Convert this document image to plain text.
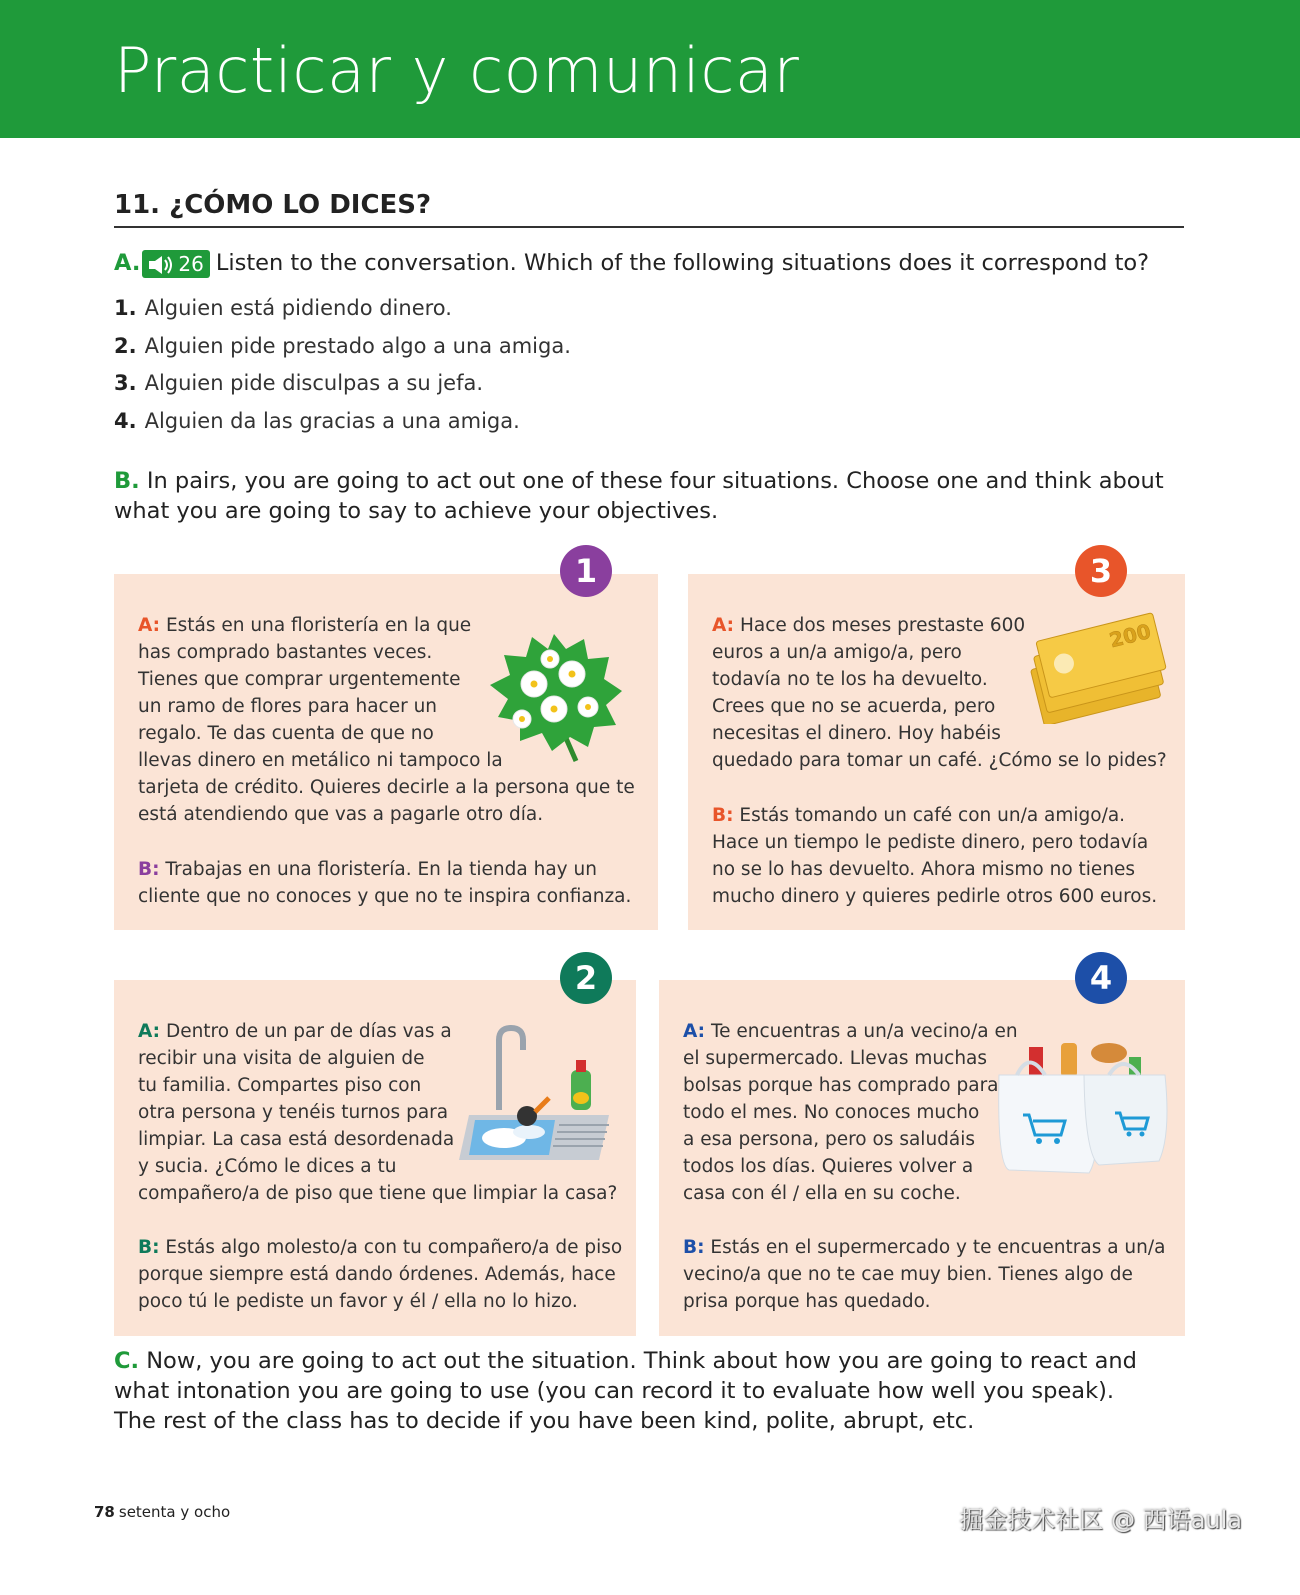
Practicar y comunicar
11. ¿CÓMO LO DICES?
A. 26 Listen to the conversation. Which of the following situations does it correspond to?
1. Alguien está pidiendo dinero.
2. Alguien pide prestado algo a una amiga.
3. Alguien pide disculpas a su jefa.
4. Alguien da las gracias a una amiga.
B. In pairs, you are going to act out one of these four situations. Choose one and think about what you are going to say to achieve your objectives.
A: Estás en una floristería en la que
has comprado bastantes veces.
Tienes que comprar urgentemente
un ramo de flores para hacer un
regalo. Te das cuenta de que no
llevas dinero en metálico ni tampoco la
tarjeta de crédito. Quieres decirle a la persona que te
está atendiendo que vas a pagarle otro día.
B: Trabajas en una floristería. En la tienda hay un
cliente que no conoces y que no te inspira confianza.
1
A: Hace dos meses prestaste 600
euros a un/a amigo/a, pero
todavía no te los ha devuelto.
Crees que no se acuerda, pero
necesitas el dinero. Hoy habéis
quedado para tomar un café. ¿Cómo se lo pides?
B: Estás tomando un café con un/a amigo/a.
Hace un tiempo le pediste dinero, pero todavía
no se lo has devuelto. Ahora mismo no tienes
mucho dinero y quieres pedirle otros 600 euros.
200
3
A: Dentro de un par de días vas a
recibir una visita de alguien de
tu familia. Compartes piso con
otra persona y tenéis turnos para
limpiar. La casa está desordenada
y sucia. ¿Cómo le dices a tu
compañero/a de piso que tiene que limpiar la casa?
B: Estás algo molesto/a con tu compañero/a de piso
porque siempre está dando órdenes. Además, hace
poco tú le pediste un favor y él / ella no lo hizo.
2
A: Te encuentras a un/a vecino/a en
el supermercado. Llevas muchas
bolsas porque has comprado para
todo el mes. No conoces mucho
a esa persona, pero os saludáis
todos los días. Quieres volver a
casa con él / ella en su coche.
B: Estás en el supermercado y te encuentras a un/a
vecino/a que no te cae muy bien. Tienes algo de
prisa porque has quedado.
4
C. Now, you are going to act out the situation. Think about how you are going to react and
what intonation you are going to use (you can record it to evaluate how well you speak).
The rest of the class has to decide if you have been kind, polite, abrupt, etc.
78 setenta y ocho	掘金技术社区 @ 西语aula
